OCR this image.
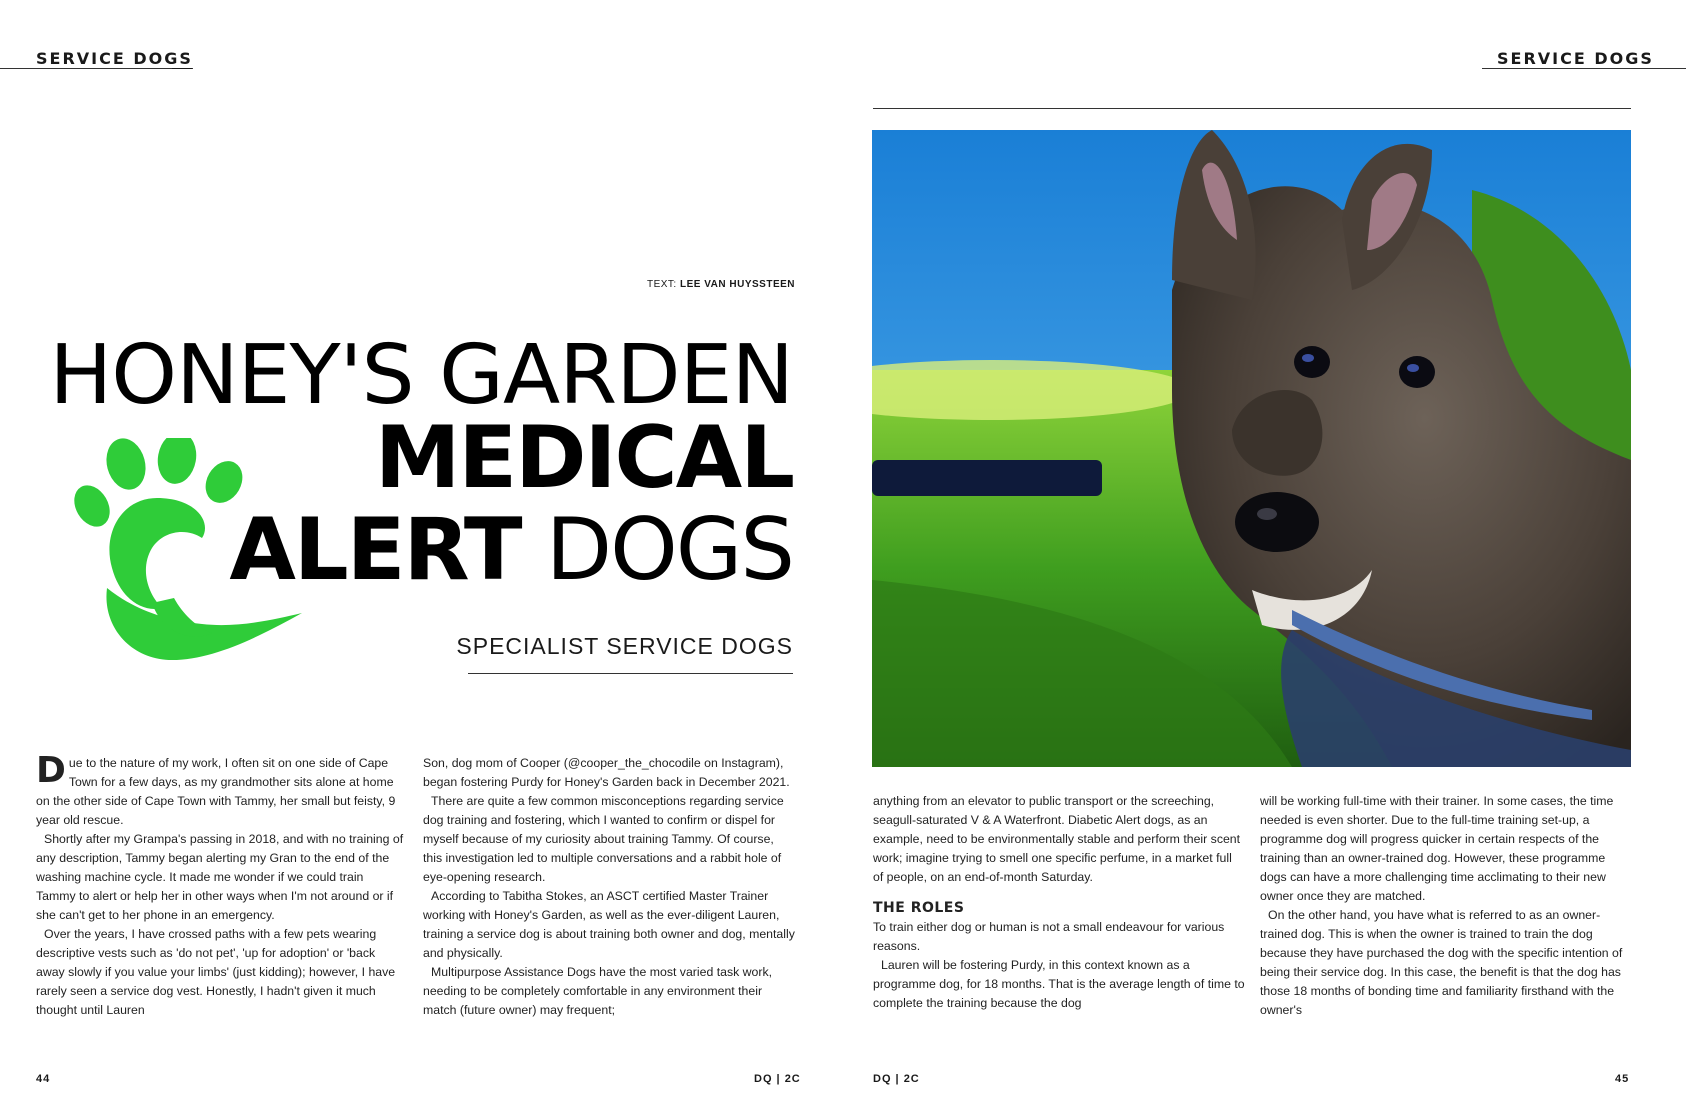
SERVICE DOGS	SERVICE DOGS
TEXT: LEE VAN HUYSSTEEN
HONEY'S GARDEN
MEDICAL
ALERT DOGS
SPECIALIST SERVICE DOGS

Due to the nature of my work, I often sit on one side of Cape Town for a few days, as my grandmother sits alone at home on the other side of Cape Town with Tammy, her small but feisty, 9 year old rescue.

Shortly after my Grampa's passing in 2018, and with no training of any description, Tammy began alerting my Gran to the end of the washing machine cycle. It made me wonder if we could train Tammy to alert or help her in other ways when I'm not around or if she can't get to her phone in an emergency.

Over the years, I have crossed paths with a few pets wearing descriptive vests such as 'do not pet', 'up for adoption' or 'back away slowly if you value your limbs' (just kidding); however, I have rarely seen a service dog vest. Honestly, I hadn't given it much thought until Lauren

Son, dog mom of Cooper (@cooper_the_chocodile on Instagram), began fostering Purdy for Honey's Garden back in December 2021.

There are quite a few common misconceptions regarding service dog training and fostering, which I wanted to confirm or dispel for myself because of my curiosity about training Tammy. Of course, this investigation led to multiple conversations and a rabbit hole of eye-opening research.

According to Tabitha Stokes, an ASCT certified Master Trainer working with Honey's Garden, as well as the ever-diligent Lauren, training a service dog is about training both owner and dog, mentally and physically.

Multipurpose Assistance Dogs have the most varied task work, needing to be completely comfortable in any environment their match (future owner) may frequent;

anything from an elevator to public transport or the screeching, seagull-saturated V & A Waterfront. Diabetic Alert dogs, as an example, need to be environmentally stable and perform their scent work; imagine trying to smell one specific perfume, in a market full of people, on an end-of-month Saturday.

THE ROLES

To train either dog or human is not a small endeavour for various reasons.

Lauren will be fostering Purdy, in this context known as a programme dog, for 18 months. That is the average length of time to complete the training because the dog

will be working full-time with their trainer. In some cases, the time needed is even shorter. Due to the full-time training set-up, a programme dog will progress quicker in certain respects of the training than an owner-trained dog. However, these programme dogs can have a more challenging time acclimating to their new owner once they are matched.

On the other hand, you have what is referred to as an owner-trained dog. This is when the owner is trained to train the dog because they have purchased the dog with the specific intention of being their service dog. In this case, the benefit is that the dog has those 18 months of bonding time and familiarity firsthand with the owner's

44	DQ | 2C	DQ | 2C	45
